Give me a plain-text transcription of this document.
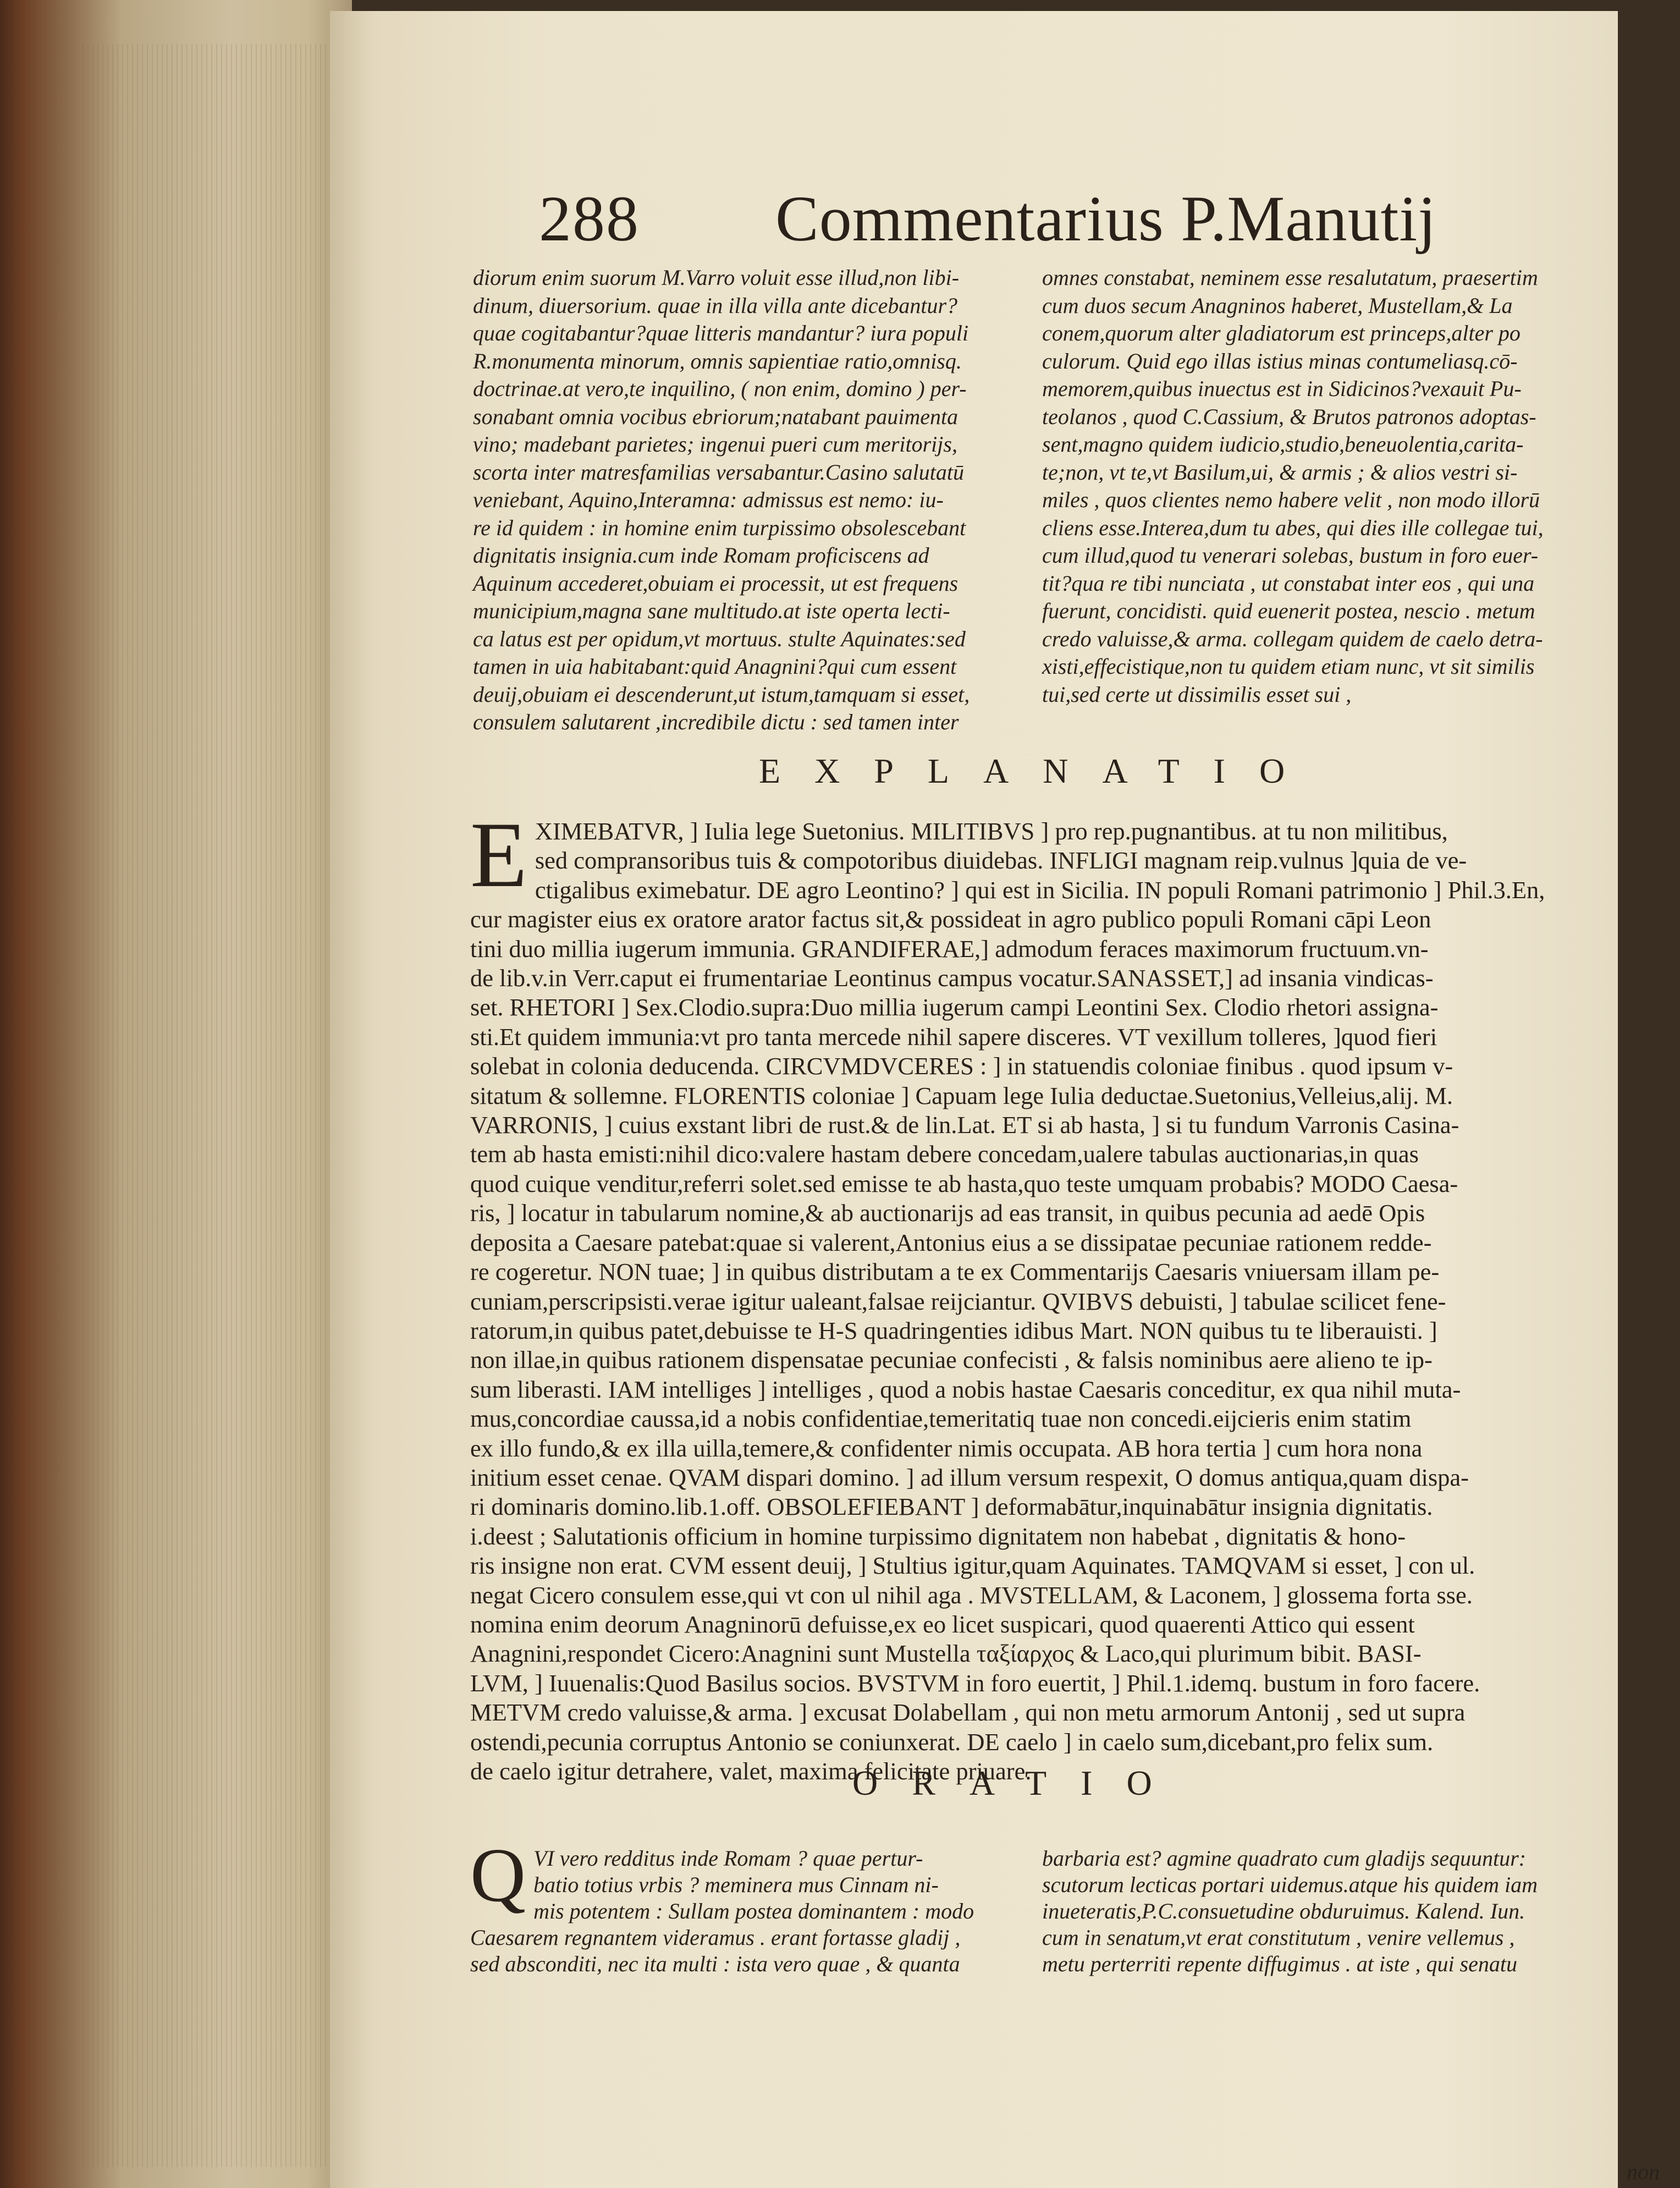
288 Commentarius P.Manutij
diorum enim suorum M.Varro voluit esse illud,non libi-
dinum, diuersorium. quae in illa villa ante dicebantur?
quae cogitabantur?quae litteris mandantur? iura populi
R.monumenta minorum, omnis sapientiae ratio,omnisq.
doctrinae.at vero,te inquilino, ( non enim, domino ) per-
sonabant omnia vocibus ebriorum;natabant pauimenta
vino; madebant parietes; ingenui pueri cum meritorijs,
scorta inter matresfamilias versabantur.Casino salutatū
veniebant, Aquino,Interamna: admissus est nemo: iu-
re id quidem : in homine enim turpissimo obsolescebant
dignitatis insignia.cum inde Romam proficiscens ad
Aquinum accederet,obuiam ei processit, ut est frequens
municipium,magna sane multitudo.at iste operta lecti-
ca latus est per opidum,vt mortuus. stulte Aquinates:sed
tamen in uia habitabant:quid Anagnini?qui cum essent
deuij,obuiam ei descenderunt,ut istum,tamquam si esset,
consulem salutarent ,incredibile dictu : sed tamen inter
omnes constabat, neminem esse resalutatum, praesertim
cum duos secum Anagninos haberet, Mustellam,& La
conem,quorum alter gladiatorum est princeps,alter po
culorum. Quid ego illas istius minas contumeliasq.cō-
memorem,quibus inuectus est in Sidicinos?vexauit Pu-
teolanos , quod C.Cassium, & Brutos patronos adoptas-
sent,magno quidem iudicio,studio,beneuolentia,carita-
te;non, vt te,vt Basilum,ui, & armis ; & alios vestri si-
miles , quos clientes nemo habere velit , non modo illorū
cliens esse.Interea,dum tu abes, qui dies ille collegae tui,
cum illud,quod tu venerari solebas, bustum in foro euer-
tit?qua re tibi nunciata , ut constabat inter eos , qui una
fuerunt, concidisti. quid euenerit postea, nescio . metum
credo valuisse,& arma. collegam quidem de caelo detra-
xisti,effecistique,non tu quidem etiam nunc, vt sit similis
tui,sed certe ut dissimilis esset sui ,
EXPLANATIO
E XIMEBATVR, ] Iulia lege Suetonius. MILITIBVS ] pro rep.pugnantibus. at tu non militibus,
sed compransoribus tuis & compotoribus diuidebas. INFLIGI magnam reip.vulnus ]quia de ve-
ctigalibus eximebatur. DE agro Leontino? ] qui est in Sicilia. IN populi Romani patrimonio ] Phil.3.En,
cur magister eius ex oratore arator factus sit,& possideat in agro publico populi Romani cāpi Leon
tini duo millia iugerum immunia. GRANDIFERAE,] admodum feraces maximorum fructuum.vn-
de lib.v.in Verr.caput ei frumentariae Leontinus campus vocatur.SANASSET,] ad insania vindicas-
set. RHETORI ] Sex.Clodio.supra:Duo millia iugerum campi Leontini Sex. Clodio rhetori assigna-
sti.Et quidem immunia:vt pro tanta mercede nihil sapere disceres. VT vexillum tolleres, ]quod fieri
solebat in colonia deducenda. CIRCVMDVCERES : ] in statuendis coloniae finibus . quod ipsum v-
sitatum & sollemne. FLORENTIS coloniae ] Capuam lege Iulia deductae.Suetonius,Velleius,alij. M.
VARRONIS, ] cuius exstant libri de rust.& de lin.Lat. ET si ab hasta, ] si tu fundum Varronis Casina-
tem ab hasta emisti:nihil dico:valere hastam debere concedam,ualere tabulas auctionarias,in quas
quod cuique venditur,referri solet.sed emisse te ab hasta,quo teste umquam probabis? MODO Caesa-
ris, ] locatur in tabularum nomine,& ab auctionarijs ad eas transit, in quibus pecunia ad aedē Opis
deposita a Caesare patebat:quae si valerent,Antonius eius a se dissipatae pecuniae rationem redde-
re cogeretur. NON tuae; ] in quibus distributam a te ex Commentarijs Caesaris vniuersam illam pe-
cuniam,perscripsisti.verae igitur ualeant,falsae reijciantur. QVIBVS debuisti, ] tabulae scilicet fene-
ratorum,in quibus patet,debuisse te H-S quadringenties idibus Mart. NON quibus tu te liberauisti. ]
non illae,in quibus rationem dispensatae pecuniae confecisti , & falsis nominibus aere alieno te ip-
sum liberasti. IAM intelliges ] intelliges , quod a nobis hastae Caesaris conceditur, ex qua nihil muta-
mus,concordiae caussa,id a nobis confidentiae,temeritatiq tuae non concedi.eijcieris enim statim
ex illo fundo,& ex illa uilla,temere,& confidenter nimis occupata. AB hora tertia ] cum hora nona
initium esset cenae. QVAM dispari domino. ] ad illum versum respexit, O domus antiqua,quam dispa-
ri dominaris domino.lib.1.off. OBSOLEFIEBANT ] deformabātur,inquinabātur insignia dignitatis.
i.deest ; Salutationis officium in homine turpissimo dignitatem non habebat , dignitatis & hono-
ris insigne non erat. CVM essent deuij, ] Stultius igitur,quam Aquinates. TAMQVAM si esset, ] con ul.
negat Cicero consulem esse,qui vt con ul nihil aga . MVSTELLAM, & Laconem, ] glossema forta sse.
nomina enim deorum Anagninorū defuisse,ex eo licet suspicari, quod quaerenti Attico qui essent
Anagnini,respondet Cicero:Anagnini sunt Mustella ταξίαρχος & Laco,qui plurimum bibit. BASI-
LVM, ] Iuuenalis:Quod Basilus socios. BVSTVM in foro euertit, ] Phil.1.idemq. bustum in foro facere.
METVM credo valuisse,& arma. ] excusat Dolabellam , qui non metu armorum Antonij , sed ut supra
ostendi,pecunia corruptus Antonio se coniunxerat. DE caelo ] in caelo sum,dicebant,pro felix sum.
de caelo igitur detrahere, valet, maxima felicitate priuare.
ORATIO
Q VI vero redditus inde Romam ? quae pertur-
batio totius vrbis ? meminera mus Cinnam ni-
mis potentem : Sullam postea dominantem : modo
Caesarem regnantem videramus . erant fortasse gladij ,
sed absconditi, nec ita multi : ista vero quae , & quanta
barbaria est? agmine quadrato cum gladijs sequuntur:
scutorum lecticas portari uidemus.atque his quidem iam
inueteratis,P.C.consuetudine obduruimus. Kalend. Iun.
cum in senatum,vt erat constitutum , venire vellemus ,
metu perterriti repente diffugimus . at iste , qui senatu
non
